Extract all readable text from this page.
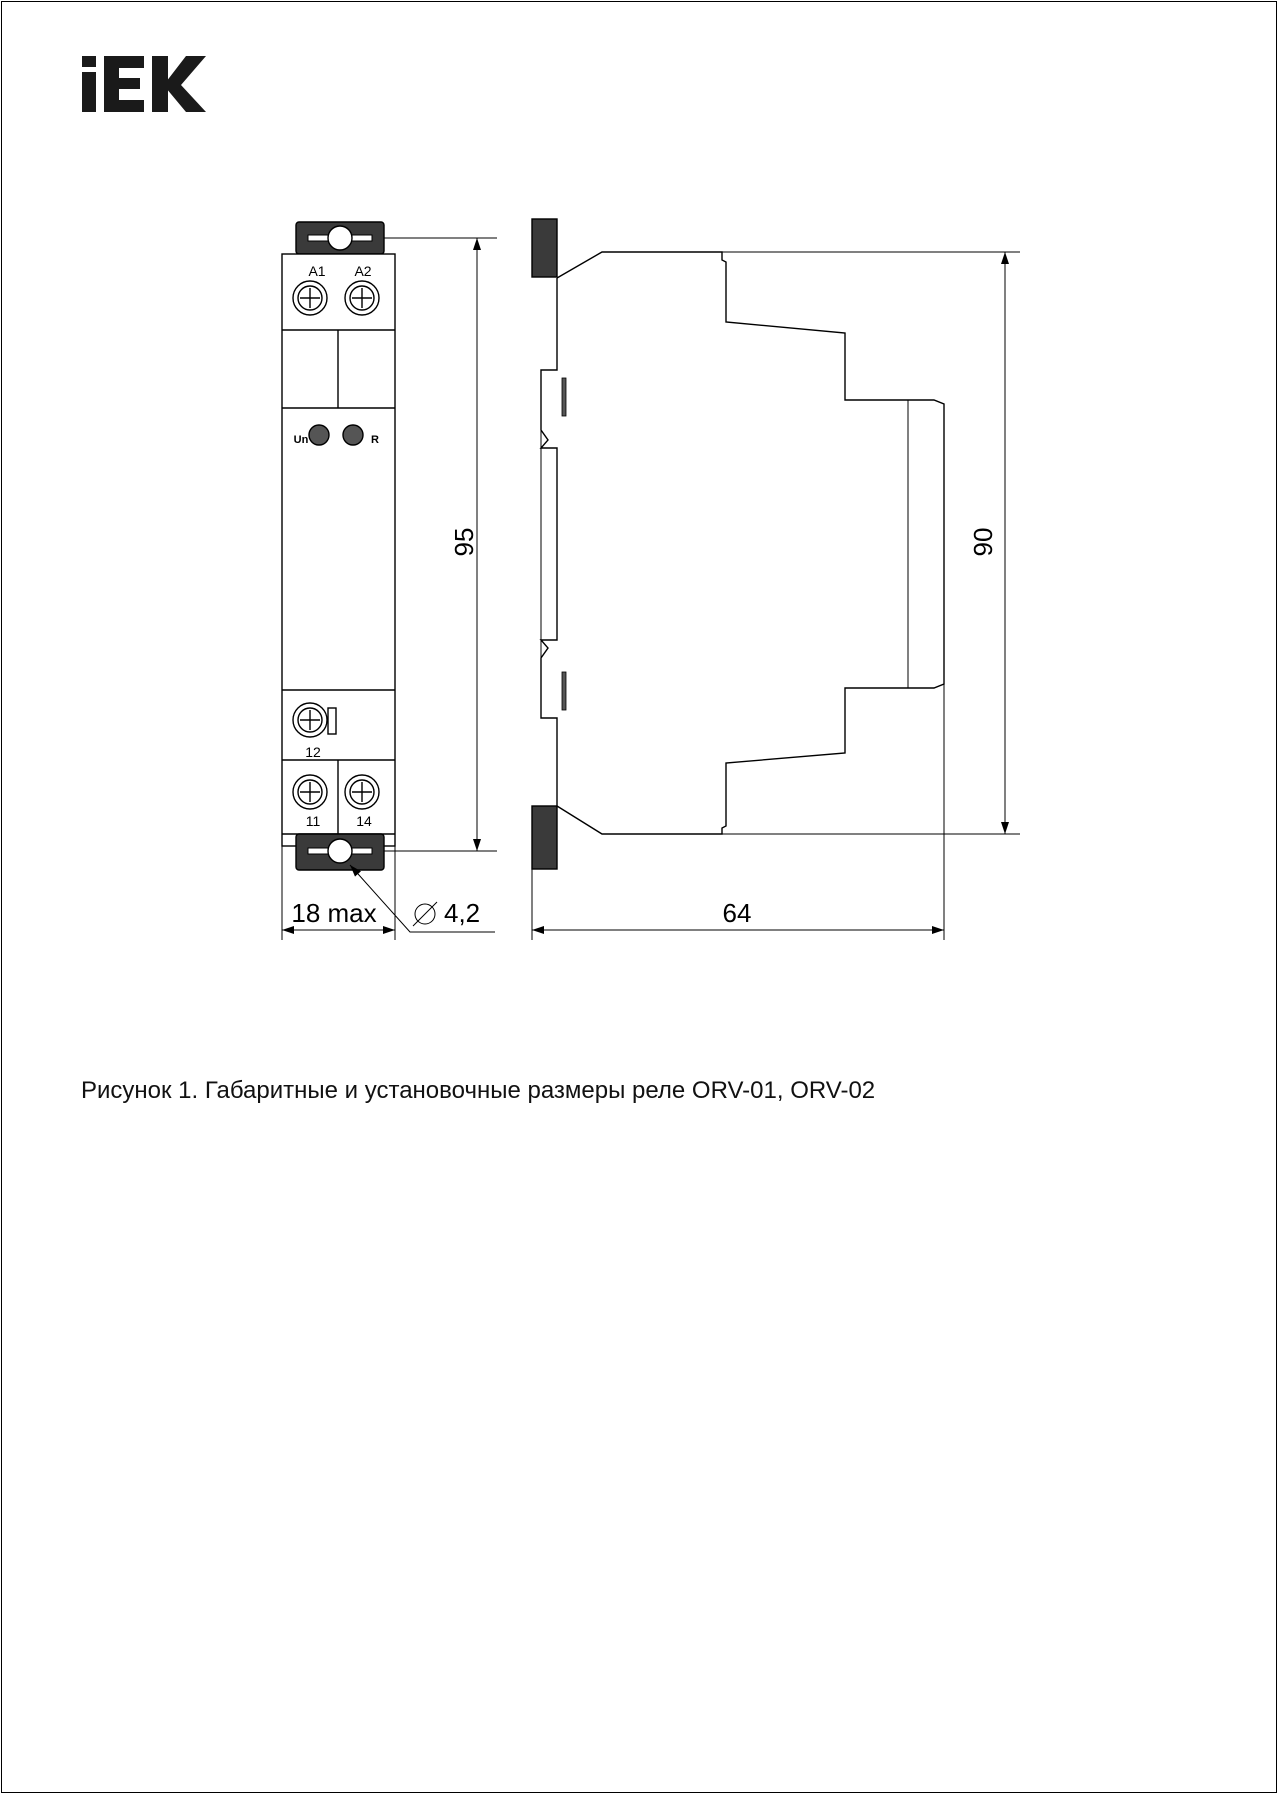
A1 A2
Un	R
12
11	14
95	90
18 max	64
4,2
Рисунок 1. Габаритные и установочные размеры реле ORV-01, ORV-02
